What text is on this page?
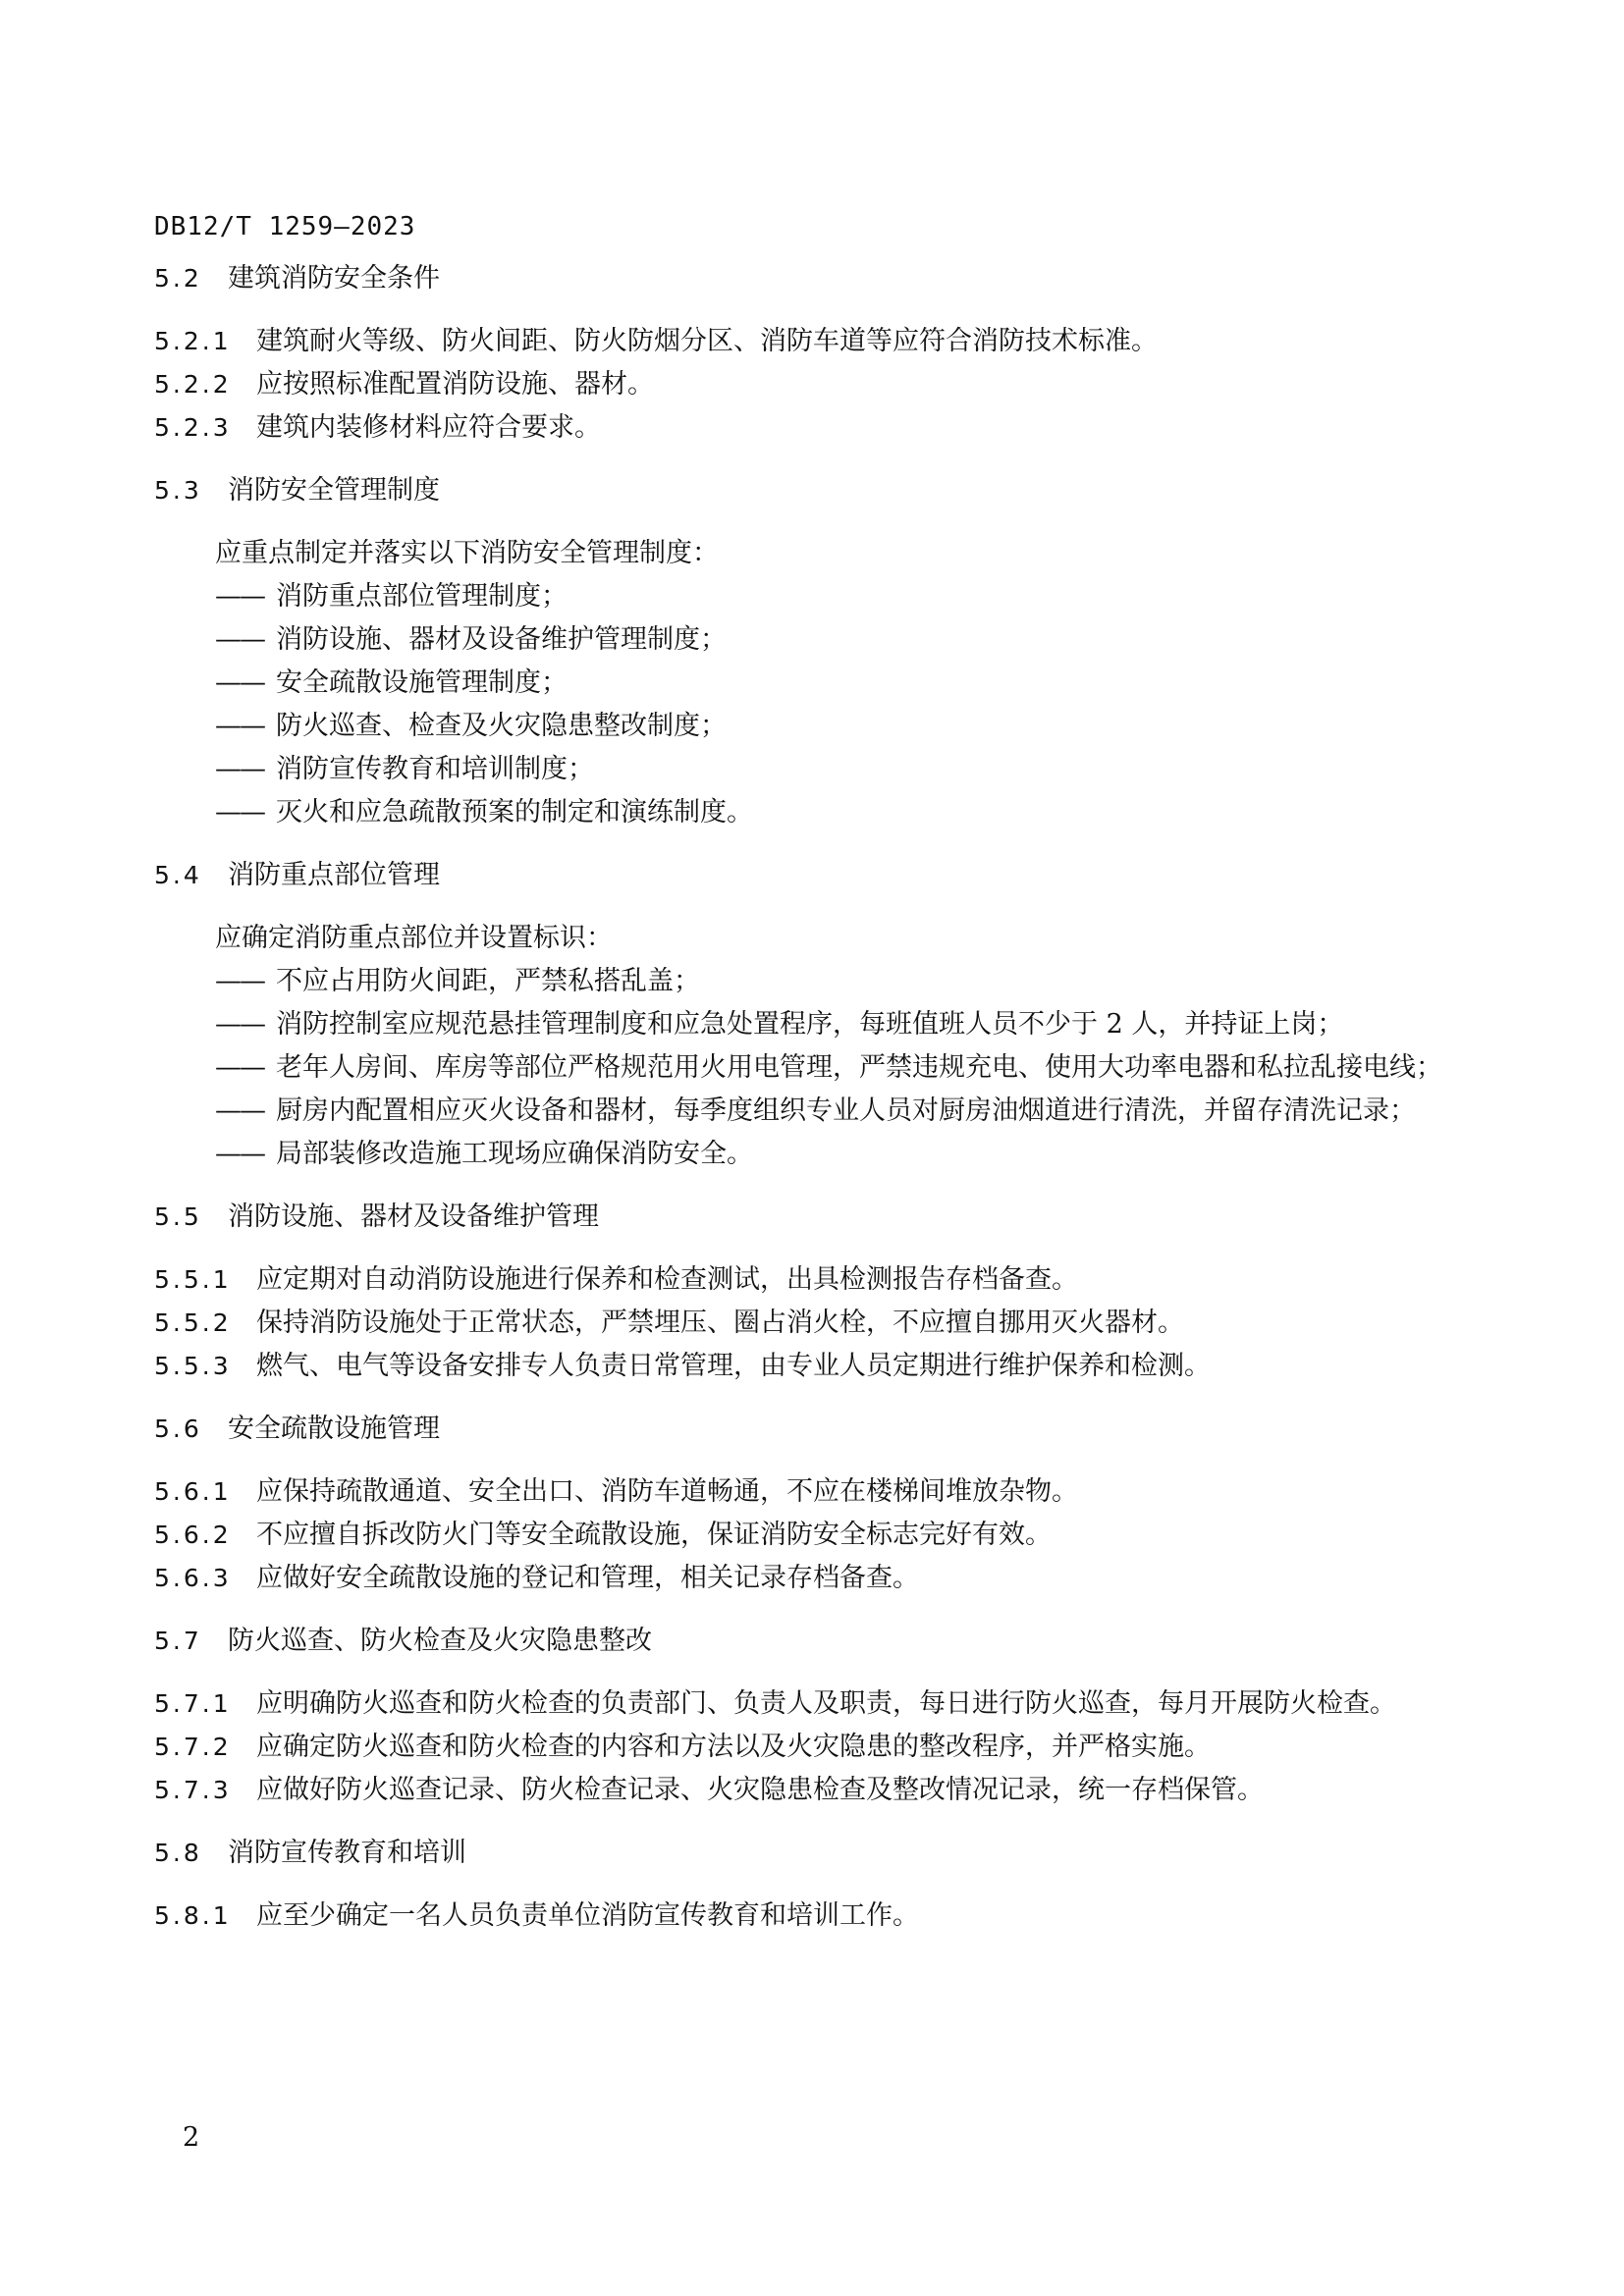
DB12/T 1259—2023
5.2 建筑消防安全条件
5.2.1 建筑耐火等级、防火间距、防火防烟分区、消防车道等应符合消防技术标准。
5.2.2 应按照标准配置消防设施、器材。
5.2.3 建筑内装修材料应符合要求。
5.3 消防安全管理制度
应重点制定并落实以下消防安全管理制度：
—— 消防重点部位管理制度；
—— 消防设施、器材及设备维护管理制度；
—— 安全疏散设施管理制度；
—— 防火巡查、检查及火灾隐患整改制度；
—— 消防宣传教育和培训制度；
—— 灭火和应急疏散预案的制定和演练制度。
5.4 消防重点部位管理
应确定消防重点部位并设置标识：
—— 不应占用防火间距，严禁私搭乱盖；
—— 消防控制室应规范悬挂管理制度和应急处置程序，每班值班人员不少于 2 人，并持证上岗；
—— 老年人房间、库房等部位严格规范用火用电管理，严禁违规充电、使用大功率电器和私拉乱接电线；
—— 厨房内配置相应灭火设备和器材，每季度组织专业人员对厨房油烟道进行清洗，并留存清洗记录；
—— 局部装修改造施工现场应确保消防安全。
5.5 消防设施、器材及设备维护管理
5.5.1 应定期对自动消防设施进行保养和检查测试，出具检测报告存档备查。
5.5.2 保持消防设施处于正常状态，严禁埋压、圈占消火栓，不应擅自挪用灭火器材。
5.5.3 燃气、电气等设备安排专人负责日常管理，由专业人员定期进行维护保养和检测。
5.6 安全疏散设施管理
5.6.1 应保持疏散通道、安全出口、消防车道畅通，不应在楼梯间堆放杂物。
5.6.2 不应擅自拆改防火门等安全疏散设施，保证消防安全标志完好有效。
5.6.3 应做好安全疏散设施的登记和管理，相关记录存档备查。
5.7 防火巡查、防火检查及火灾隐患整改
5.7.1 应明确防火巡查和防火检查的负责部门、负责人及职责，每日进行防火巡查，每月开展防火检查。
5.7.2 应确定防火巡查和防火检查的内容和方法以及火灾隐患的整改程序，并严格实施。
5.7.3 应做好防火巡查记录、防火检查记录、火灾隐患检查及整改情况记录，统一存档保管。
5.8 消防宣传教育和培训
5.8.1 应至少确定一名人员负责单位消防宣传教育和培训工作。
2
